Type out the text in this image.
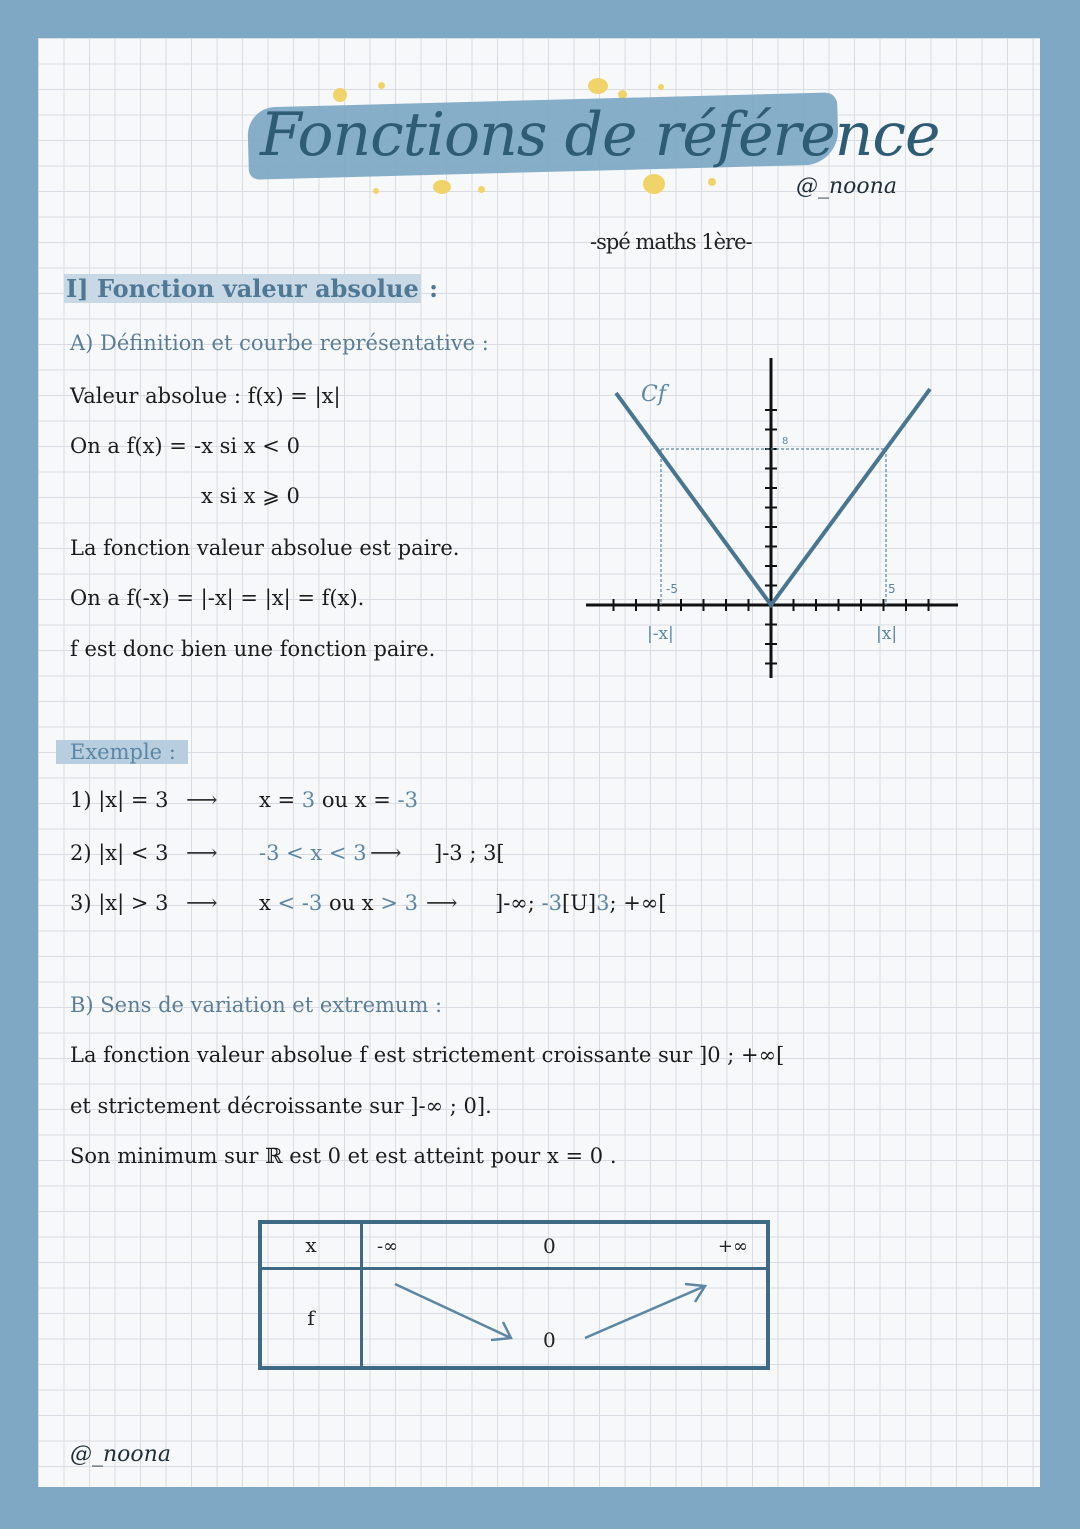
Fonctions de référence
@_noona
-spé maths 1ère-
I] Fonction valeur absolue :
A) Définition et courbe représentative :
Valeur absolue : f(x) = |x|
On a f(x) = -x si x < 0
x si x ⩾ 0
La fonction valeur absolue est paire.
On a f(-x) = |-x| = |x| = f(x).
f est donc bien une fonction paire.
Cf
8
-5	5
|-x|	|x|
Exemple :
1) |x| = 3 ⟶ x = 3 ou x = -3
2) |x| < 3 ⟶ -3 < x < 3 ⟶ ]-3 ; 3[
3) |x| > 3 ⟶ x < -3 ou x > 3 ⟶ ]-∞; -3[U]3; +∞[
B) Sens de variation et extremum :
La fonction valeur absolue f est strictement croissante sur ]0 ; +∞[
et strictement décroissante sur ]-∞ ; 0].
Son minimum sur ℝ est 0 et est atteint pour x = 0 .
x	-∞ 0 +∞

f	0
@_noona
